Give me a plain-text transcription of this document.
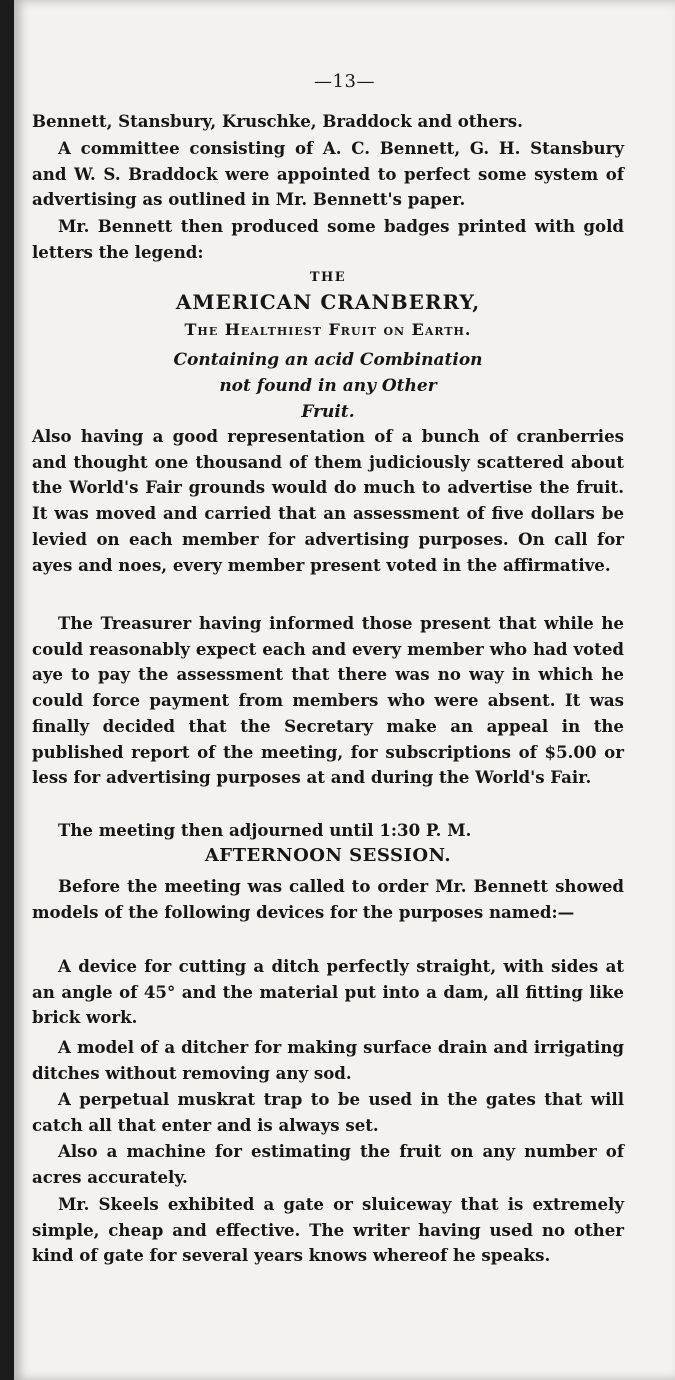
—13—

Bennett, Stansbury, Kruschke, Braddock and others.

A committee consisting of A. C. Bennett, G. H. Stansbury and W. S. Braddock were appointed to perfect some system of advertising as outlined in Mr. Bennett's paper.

Mr. Bennett then produced some badges printed with gold letters the legend:

THE
AMERICAN CRANBERRY,
The Healthiest Fruit on Earth.
Containing an acid Combination
not found in any Other
Fruit.

Also having a good representation of a bunch of cranberries and thought one thousand of them judiciously scattered about the World's Fair grounds would do much to advertise the fruit. It was moved and carried that an assessment of five dollars be levied on each member for advertising purposes. On call for ayes and noes, every member present voted in the affirmative.

The Treasurer having informed those present that while he could reasonably expect each and every member who had voted aye to pay the assessment that there was no way in which he could force payment from members who were absent. It was finally decided that the Secretary make an appeal in the published report of the meeting, for subscriptions of $5.00 or less for advertising purposes at and during the World's Fair.

The meeting then adjourned until 1:30 P. M.

AFTERNOON SESSION.

Before the meeting was called to order Mr. Bennett showed models of the following devices for the purposes named:—

A device for cutting a ditch perfectly straight, with sides at an angle of 45° and the material put into a dam, all fitting like brick work.

A model of a ditcher for making surface drain and irrigating ditches without removing any sod.

A perpetual muskrat trap to be used in the gates that will catch all that enter and is always set.

Also a machine for estimating the fruit on any number of acres accurately.

Mr. Skeels exhibited a gate or sluiceway that is extremely simple, cheap and effective. The writer having used no other kind of gate for several years knows whereof he speaks.
